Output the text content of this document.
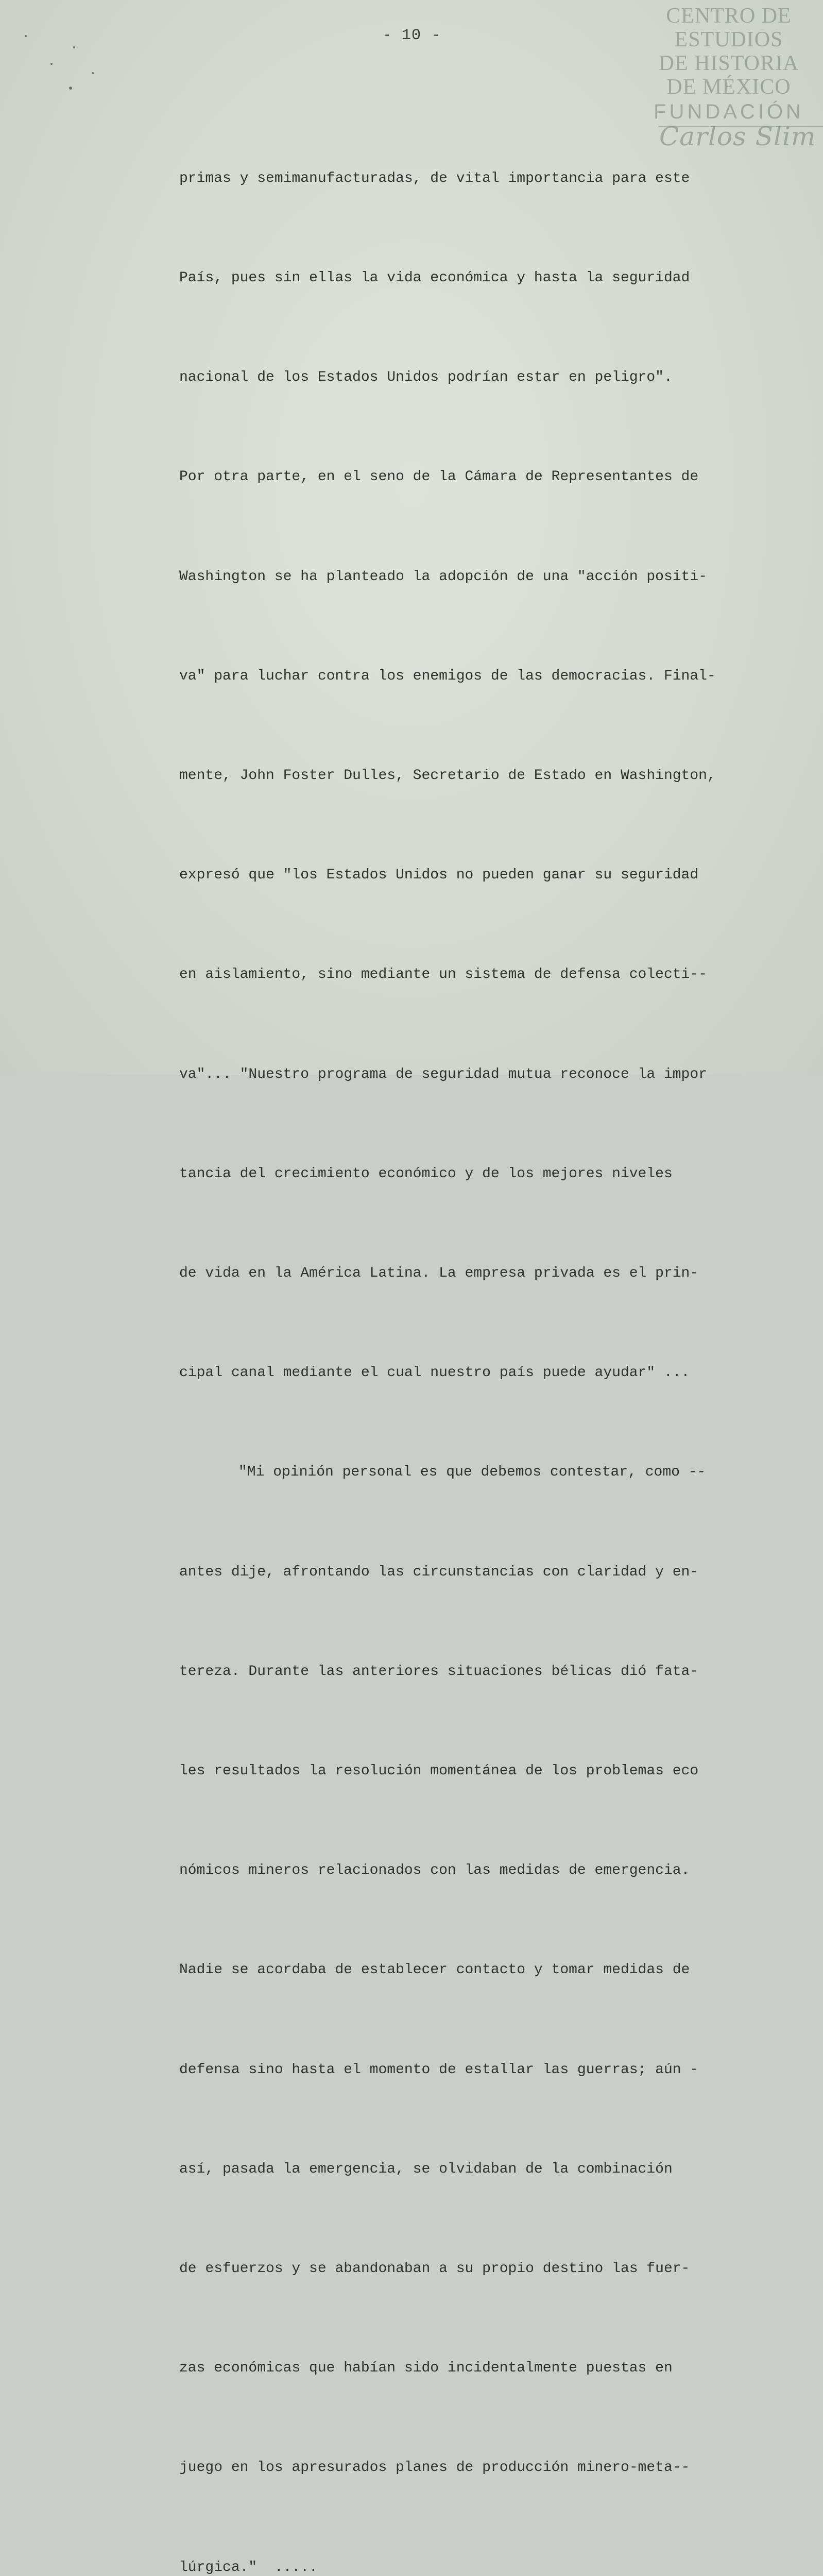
- 10 -
CENTRO DE
ESTUDIOS
DE HISTORIA
DE MÉXICO
FUNDACIÓN
Carlos Slim

primas y semimanufacturadas, de vital importancia para este

País, pues sin ellas la vida económica y hasta la seguridad

nacional de los Estados Unidos podrían estar en peligro".

Por otra parte, en el seno de la Cámara de Representantes de

Washington se ha planteado la adopción de una "acción positi-

va" para luchar contra los enemigos de las democracias. Final-

mente, John Foster Dulles, Secretario de Estado en Washington,

expresó que "los Estados Unidos no pueden ganar su seguridad

en aislamiento, sino mediante un sistema de defensa colecti--

va"... "Nuestro programa de seguridad mutua reconoce la impor

tancia del crecimiento económico y de los mejores niveles

de vida en la América Latina. La empresa privada es el prin-

cipal canal mediante el cual nuestro país puede ayudar" ...

"Mi opinión personal es que debemos contestar, como --

antes dije, afrontando las circunstancias con claridad y en-

tereza. Durante las anteriores situaciones bélicas dió fata-

les resultados la resolución momentánea de los problemas eco

nómicos mineros relacionados con las medidas de emergencia.

Nadie se acordaba de establecer contacto y tomar medidas de

defensa sino hasta el momento de estallar las guerras; aún -

así, pasada la emergencia, se olvidaban de la combinación

de esfuerzos y se abandonaban a su propio destino las fuer-

zas económicas que habían sido incidentalmente puestas en

juego en los apresurados planes de producción minero-meta--

lúrgica."  .....
